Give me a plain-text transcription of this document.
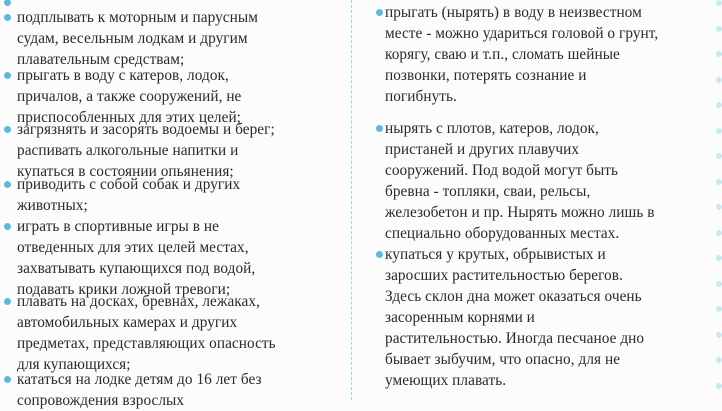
подплывать к моторным и парусным

судам, весельным лодкам и другим

плавательным средствам;

прыгать в воду с катеров, лодок,

причалов, а также сооружений, не

приспособленных для этих целей;

загрязнять и засорять водоемы и берег;

распивать алкогольные напитки и

купаться в состоянии опьянения;

приводить с собой собак и других

животных;

играть в спортивные игры в не

отведенных для этих целей местах,

захватывать купающихся под водой,

подавать крики ложной тревоги;

плавать на досках, бревнах, лежаках,

автомобильных камерах и других

предметах, представляющих опасность

для купающихся;

кататься на лодке детям до 16 лет без

сопровождения взрослых

прыгать (нырять) в воду в неизвестном

месте - можно удариться головой о грунт,

корягу, сваю и т.п., сломать шейные

позвонки, потерять сознание и

погибнуть.

нырять с плотов, катеров, лодок,

пристаней и других плавучих

сооружений. Под водой могут быть

бревна - топляки, сваи, рельсы,

железобетон и пр. Нырять можно лишь в

специально оборудованных местах.

купаться у крутых, обрывистых и

заросших растительностью берегов.

Здесь склон дна может оказаться очень

засоренным корнями и

растительностью. Иногда песчаное дно

бывает зыбучим, что опасно, для не

умеющих плавать.
